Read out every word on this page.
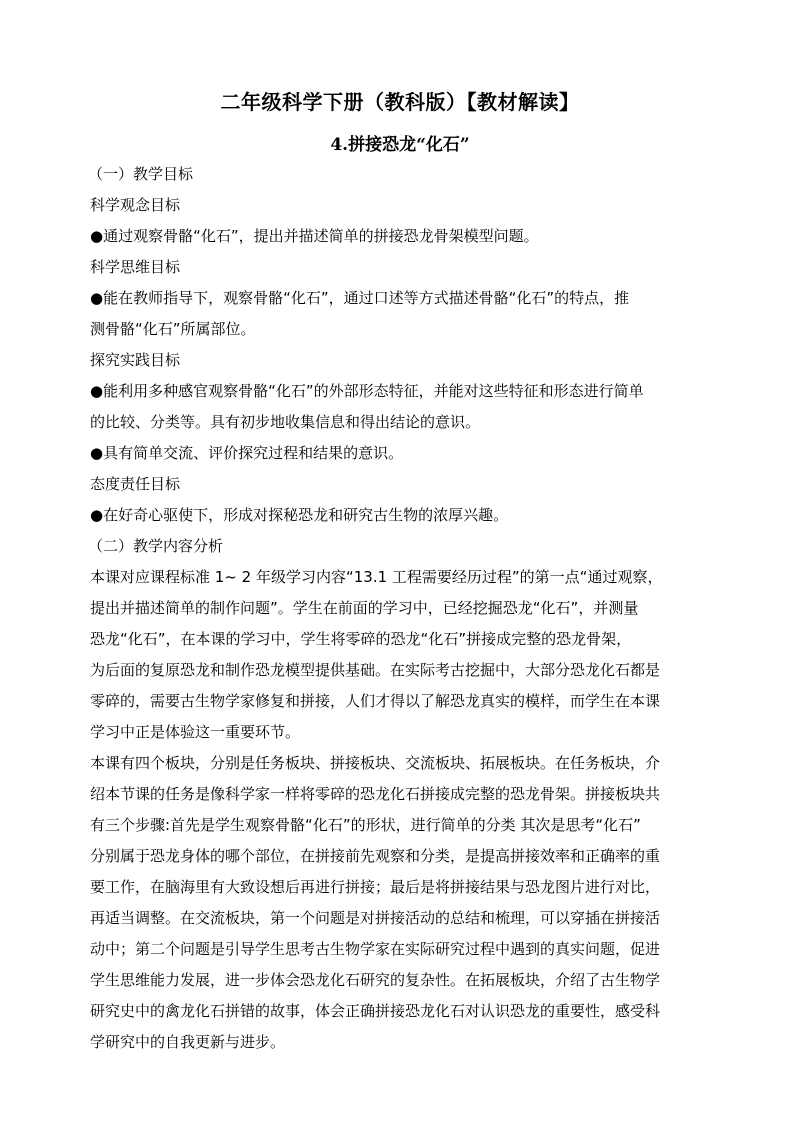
二年级科学下册（教科版）【教材解读】
4.拼接恐龙“化石”
（一）教学目标
科学观念目标
●通过观察骨骼“化石”，提出并描述简单的拼接恐龙骨架模型问题。
科学思维目标
●能在教师指导下，观察骨骼“化石”，通过口述等方式描述骨骼“化石”的特点，推
测骨骼“化石”所属部位。
探究实践目标
●能利用多种感官观察骨骼“化石”的外部形态特征，并能对这些特征和形态进行简单
的比较、分类等。具有初步地收集信息和得出结论的意识。
●具有简单交流、评价探究过程和结果的意识。
态度责任目标
●在好奇心驱使下，形成对探秘恐龙和研究古生物的浓厚兴趣。
（二）教学内容分析
本课对应课程标准 1~ 2 年级学习内容“13.1 工程需要经历过程”的第一点“通过观察，
提出并描述简单的制作问题”。学生在前面的学习中，已经挖掘恐龙“化石”，并测量
恐龙“化石”，在本课的学习中，学生将零碎的恐龙“化石”拼接成完整的恐龙骨架，
为后面的复原恐龙和制作恐龙模型提供基础。在实际考古挖掘中，大部分恐龙化石都是
零碎的，需要古生物学家修复和拼接，人们才得以了解恐龙真实的模样，而学生在本课
学习中正是体验这一重要环节。
本课有四个板块，分别是任务板块、拼接板块、交流板块、拓展板块。在任务板块，介
绍本节课的任务是像科学家一样将零碎的恐龙化石拼接成完整的恐龙骨架。拼接板块共
有三个步骤:首先是学生观察骨骼“化石”的形状，进行简单的分类 其次是思考“化石”
分别属于恐龙身体的哪个部位，在拼接前先观察和分类，是提高拼接效率和正确率的重
要工作，在脑海里有大致设想后再进行拼接；最后是将拼接结果与恐龙图片进行对比，
再适当调整。在交流板块，第一个问题是对拼接活动的总结和梳理，可以穿插在拼接活
动中；第二个问题是引导学生思考古生物学家在实际研究过程中遇到的真实问题，促进
学生思维能力发展，进一步体会恐龙化石研究的复杂性。在拓展板块，介绍了古生物学
研究史中的禽龙化石拼错的故事，体会正确拼接恐龙化石对认识恐龙的重要性，感受科
学研究中的自我更新与进步。
